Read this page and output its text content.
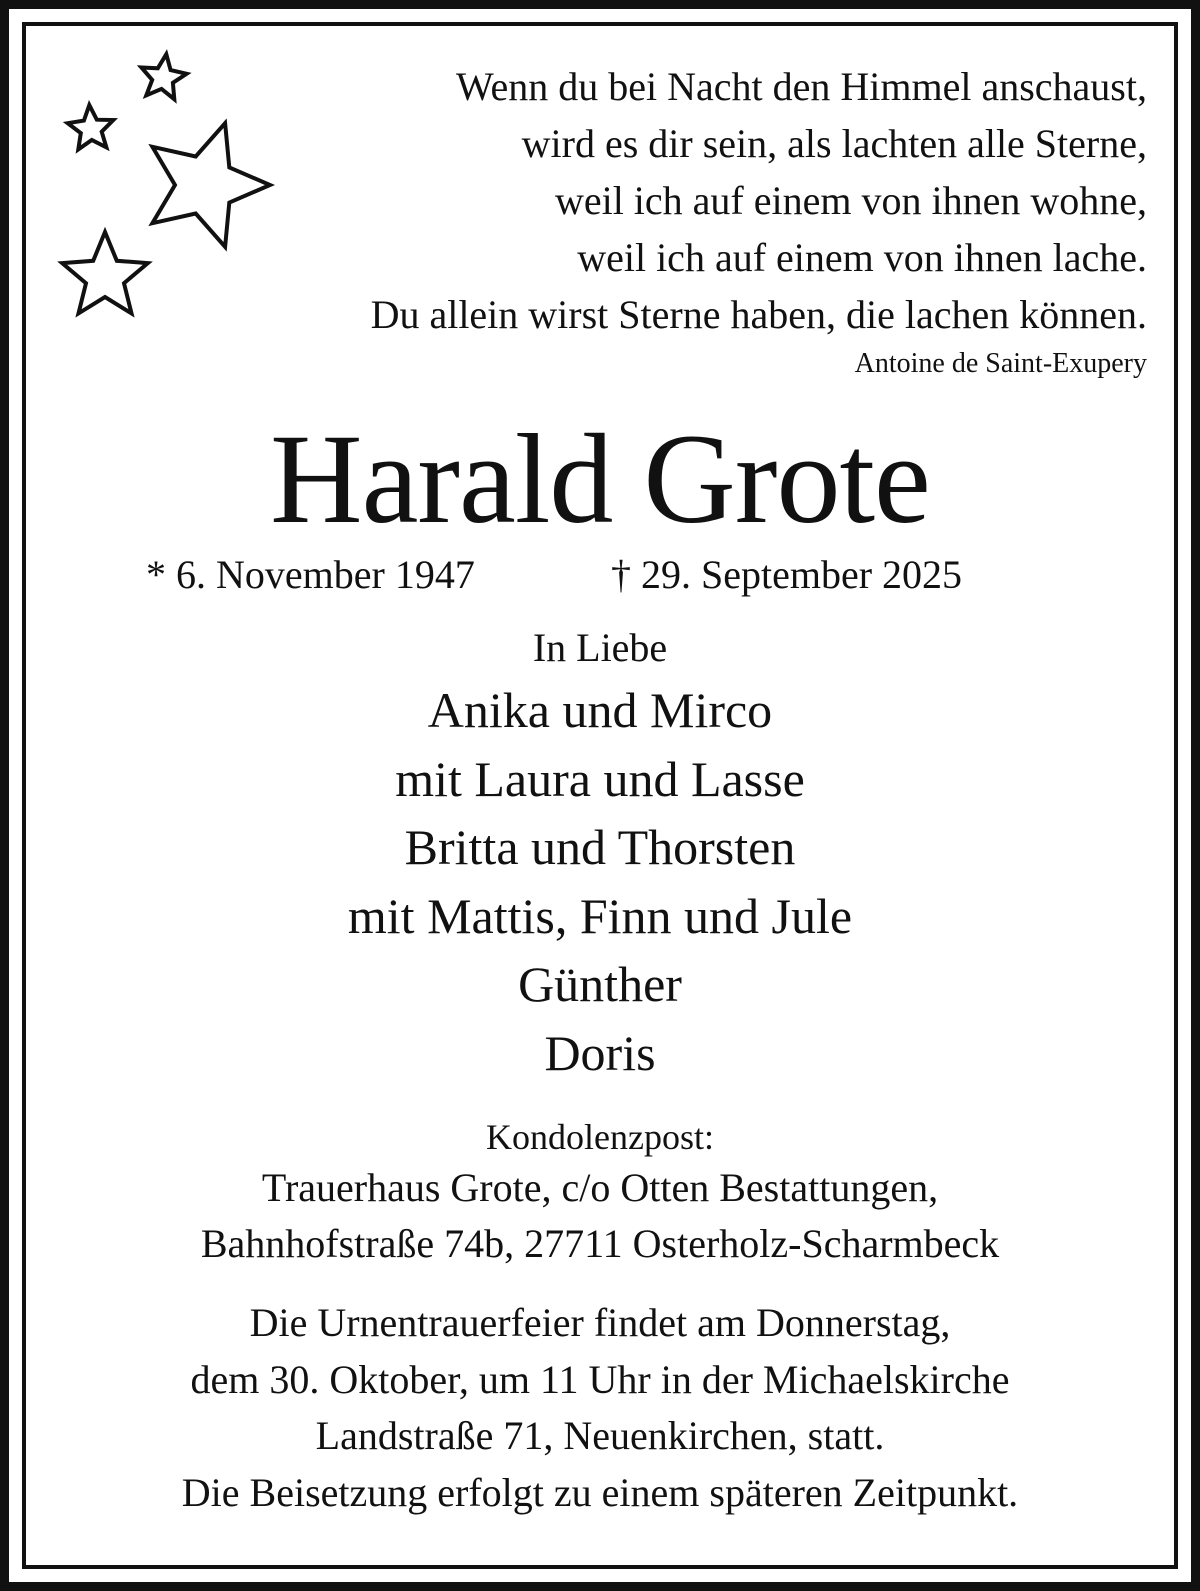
Wenn du bei Nacht den Himmel anschaust,
wird es dir sein, als lachten alle Sterne,
weil ich auf einem von ihnen wohne,
weil ich auf einem von ihnen lache.
Du allein wirst Sterne haben, die lachen können.
Antoine de Saint-Exupery
Harald Grote
* 6. November 1947	† 29. September 2025
In Liebe
Anika und Mirco
mit Laura und Lasse
Britta und Thorsten
mit Mattis, Finn und Jule
Günther
Doris
Kondolenzpost:
Trauerhaus Grote, c/o Otten Bestattungen,
Bahnhofstraße 74b, 27711 Osterholz-Scharmbeck
Die Urnentrauerfeier findet am Donnerstag,
dem 30. Oktober, um 11 Uhr in der Michaelskirche
Landstraße 71, Neuenkirchen, statt.
Die Beisetzung erfolgt zu einem späteren Zeitpunkt.
